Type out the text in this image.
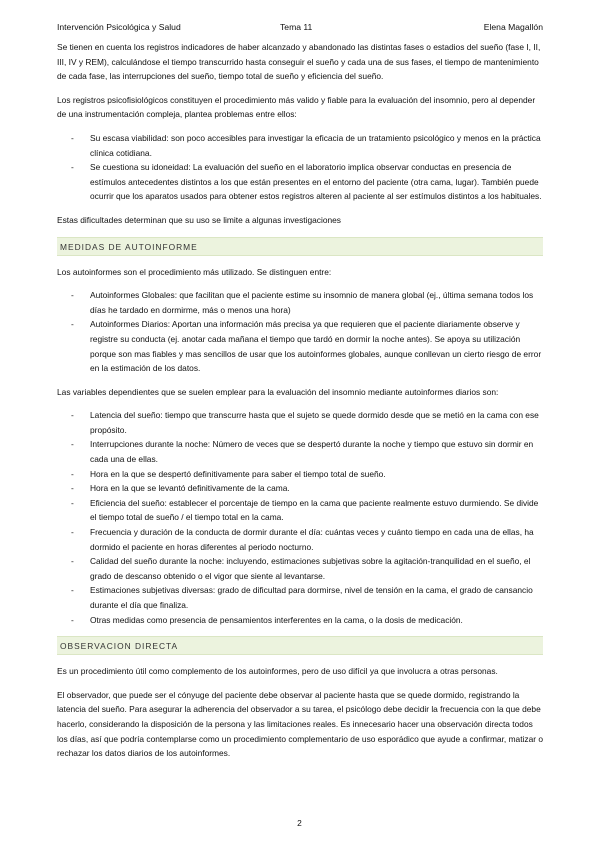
Intervención Psicológica y Salud	Tema 11	Elena Magallón

Se tienen en cuenta los registros indicadores de haber alcanzado y abandonado las distintas fases o estadios del sueño (fase I, II, III, IV y REM), calculándose el tiempo transcurrido hasta conseguir el sueño y cada una de sus fases, el tiempo de mantenimiento de cada fase, las interrupciones del sueño, tiempo total de sueño y eficiencia del sueño.

Los registros psicofisiológicos constituyen el procedimiento más valido y fiable para la evaluación del insomnio, pero al depender de una instrumentación compleja, plantea problemas entre ellos:

- Su escasa viabilidad: son poco accesibles para investigar la eficacia de un tratamiento psicológico y menos en la práctica clínica cotidiana.
- Se cuestiona su idoneidad: La evaluación del sueño en el laboratorio implica observar conductas en presencia de estímulos antecedentes distintos a los que están presentes en el entorno del paciente (otra cama, lugar). También puede ocurrir que los aparatos usados para obtener estos registros alteren al paciente al ser estímulos distintos a los habituales.

Estas dificultades determinan que su uso se limite a algunas investigaciones

MEDIDAS DE AUTOINFORME

Los autoinformes son el procedimiento más utilizado. Se distinguen entre:

- Autoinformes Globales: que facilitan que el paciente estime su insomnio de manera global (ej., última semana todos los días he tardado en dormirme, más o menos una hora)
- Autoinformes Diarios: Aportan una información más precisa ya que requieren que el paciente diariamente observe y registre su conducta (ej. anotar cada mañana el tiempo que tardó en dormir la noche antes). Se apoya su utilización porque son mas fiables y mas sencillos de usar que los autoinformes globales, aunque conllevan un cierto riesgo de error en la estimación de los datos.

Las variables dependientes que se suelen emplear para la evaluación del insomnio mediante autoinformes diarios son:

- Latencia del sueño: tiempo que transcurre hasta que el sujeto se quede dormido desde que se metió en la cama con ese propósito.
- Interrupciones durante la noche: Número de veces que se despertó durante la noche y tiempo que estuvo sin dormir en cada una de ellas.
- Hora en la que se despertó definitivamente para saber el tiempo total de sueño.
- Hora en la que se levantó definitivamente de la cama.
- Eficiencia del sueño: establecer el porcentaje de tiempo en la cama que paciente realmente estuvo durmiendo. Se divide el tiempo total de sueño / el tiempo total en la cama.
- Frecuencia y duración de la conducta de dormir durante el día: cuántas veces y cuánto tiempo en cada una de ellas, ha dormido el paciente en horas diferentes al periodo nocturno.
- Calidad del sueño durante la noche: incluyendo, estimaciones subjetivas sobre la agitación-tranquilidad en el sueño, el grado de descanso obtenido o el vigor que siente al levantarse.
- Estimaciones subjetivas diversas: grado de dificultad para dormirse, nivel de tensión en la cama, el grado de cansancio durante el día que finaliza.
- Otras medidas como presencia de pensamientos interferentes en la cama, o la dosis de medicación.
OBSERVACION DIRECTA

Es un procedimiento útil como complemento de los autoinformes, pero de uso difícil ya que involucra a otras personas.

El observador, que puede ser el cónyuge del paciente debe observar al paciente hasta que se quede dormido, registrando la latencia del sueño. Para asegurar la adherencia del observador a su tarea, el psicólogo debe decidir la frecuencia con la que debe hacerlo, considerando la disposición de la persona y las limitaciones reales. Es innecesario hacer una observación directa todos los días, así que podría contemplarse como un procedimiento complementario de uso esporádico que ayude a confirmar, matizar o rechazar los datos diarios de los autoinformes.

2
